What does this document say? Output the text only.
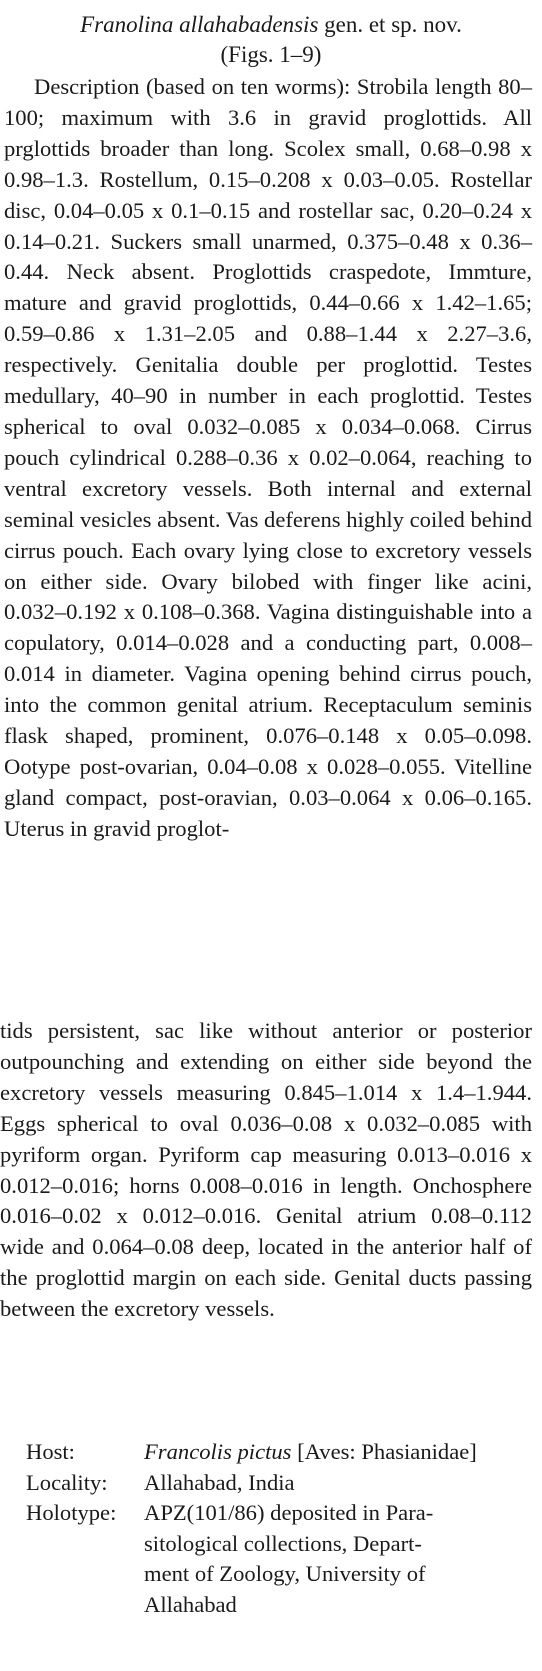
Franolina allahabadensis gen. et sp. nov.
(Figs. 1–9)

Description (based on ten worms): Strobila length 80–100; maximum with 3.6 in gravid proglottids. All prglottids broader than long. Scolex small, 0.68–0.98 x 0.98–1.3. Rostellum, 0.15–0.208 x 0.03–0.05. Rostellar disc, 0.04–0.05 x 0.1–0.15 and rostellar sac, 0.20–0.24 x 0.14–0.21. Suckers small unarmed, 0.375–0.48 x 0.36–0.44. Neck absent. Proglottids craspedote, Immture, mature and gravid proglottids, 0.44–0.66 x 1.42–1.65; 0.59–0.86 x 1.31–2.05 and 0.88–1.44 x 2.27–3.6, respectively. Genitalia double per proglottid. Testes medullary, 40–90 in number in each proglottid. Testes spherical to oval 0.032–0.085 x 0.034–0.068. Cirrus pouch cylindrical 0.288–0.36 x 0.02–0.064, reaching to ventral excretory vessels. Both internal and external seminal vesicles absent. Vas deferens highly coiled behind cirrus pouch. Each ovary lying close to excretory vessels on either side. Ovary bilobed with finger like acini, 0.032–0.192 x 0.108–0.368. Vagina distinguishable into a copulatory, 0.014–0.028 and a conducting part, 0.008–0.014 in diameter. Vagina opening behind cirrus pouch, into the common genital atrium. Receptaculum seminis flask shaped, prominent, 0.076–0.148 x 0.05–0.098. Ootype post-ovarian, 0.04–0.08 x 0.028–0.055. Vitelline gland compact, post-oravian, 0.03–0.064 x 0.06–0.165. Uterus in gravid proglot-

tids persistent, sac like without anterior or posterior outpounching and extending on either side beyond the excretory vessels measuring 0.845–1.014 x 1.4–1.944. Eggs spherical to oval 0.036–0.08 x 0.032–0.085 with pyriform organ. Pyriform cap measuring 0.013–0.016 x 0.012–0.016; horns 0.008–0.016 in length. Onchosphere 0.016–0.02 x 0.012–0.016. Genital atrium 0.08–0.112 wide and 0.064–0.08 deep, located in the anterior half of the proglottid margin on each side. Genital ducts passing between the excretory vessels.

Host:	Francolis pictus [Aves: Phasianidae]
Locality:	Allahabad, India
Holotype:	APZ(101/86) deposited in Para-
sitological collections, Depart-
ment of Zoology, University of
Allahabad
